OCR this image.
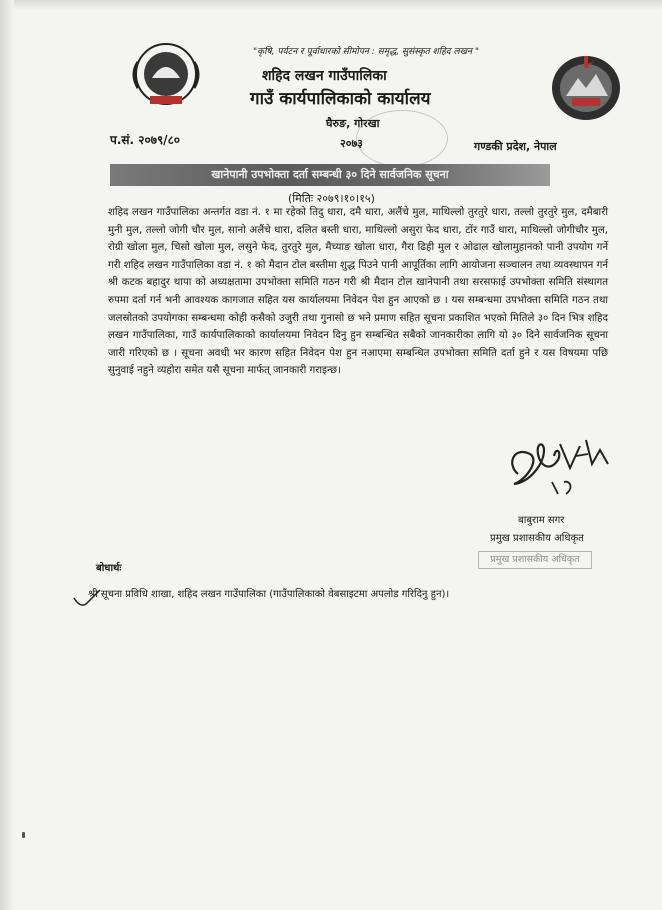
"कृषि, पर्यटन र पूर्वाधारको सीमोपन : समृद्ध, सुसंस्कृत शहिद लखन "
शहिद लखन गाउँपालिका
गाउँ कार्यपालिकाको कार्यालय
घैरुङ, गोरखा
प.सं. २०७९/८०
	२०७३	गण्डकी प्रदेश, नेपाल
खानेपानी उपभोक्ता दर्ता सम्बन्धी ३० दिने सार्वजनिक सूचना
(मितिः २०७९।१०।१५)
शहिद लखन गाउँपालिका अन्तर्गत वडा नं. १ मा रहेको तिदु धारा, दमै धारा, अलैंचे मुल, माथिल्लो तुरतुरे धारा, तल्लो तुरतुरे मुल, दमैबारी मुनी मुल, तल्लो जोगी चौर मुल, सानो अलैंचे धारा, दलित बस्ती धारा, माथिल्लो असुरा फेद धारा, टोंर गाउँ धारा, माथिल्लो जोगीचौर मुल, रोग्री खोला मुल, चिसो खोला मुल, लसुने फेद, तुरतुरे मुल, मैच्याङ खोला धारा, गैरा ढिही मुल र ओढाल खोलामुहानको पानी उपयोग गर्ने गरी शहिद लखन गाउँपालिका वडा नं. १ को मैदान टोल बस्तीमा शुद्ध पिउने पानी आपूर्तिका लागि आयोजना सञ्चालन तथा व्यवस्थापन गर्न श्री कटक बहादुर थापा को अध्यक्षतामा उपभोक्ता समिति गठन गरी श्री मैदान टोल खानेपानी तथा सरसफाई उपभोक्ता समिति संस्थागत रुपमा दर्ता गर्न भनी आवश्यक कागजात सहित यस कार्यालयमा निवेदन पेश हुन आएको छ । यस सम्बन्धमा उपभोक्ता समिति गठन तथा जलस्रोतको उपयोगका सम्बन्धमा कोही कसैको उजुरी तथा गुनासो छ भने प्रमाण सहित सूचना प्रकाशित भएको मितिले ३० दिन भित्र शहिद लखन गाउँपालिका, गाउँ कार्यपालिकाको कार्यालयमा निवेदन दिनु हुन सम्बन्धित सबैको जानकारीका लागि यो ३० दिने सार्वजनिक सूचना जारी गरिएको छ । सूचना अवधी भर कारण सहित निवेदन पेश हुन नआएमा सम्बन्धित उपभोक्ता समिति दर्ता हुने र यस विषयमा पछि सुनुवाई नहुने व्यहोरा समेत यसै सूचना मार्फत् जानकारी गराइन्छ।
बाबुराम सगर
प्रमुख प्रशासकीय अधिकृत
प्रमुख प्रशासकीय अधिकृत
बोधार्थः
श्री सूचना प्रविधि शाखा, शहिद लखन गाउँपालिका (गाउँपालिकाको वेबसाइटमा अपलोड गरिदिनु हुन)।
